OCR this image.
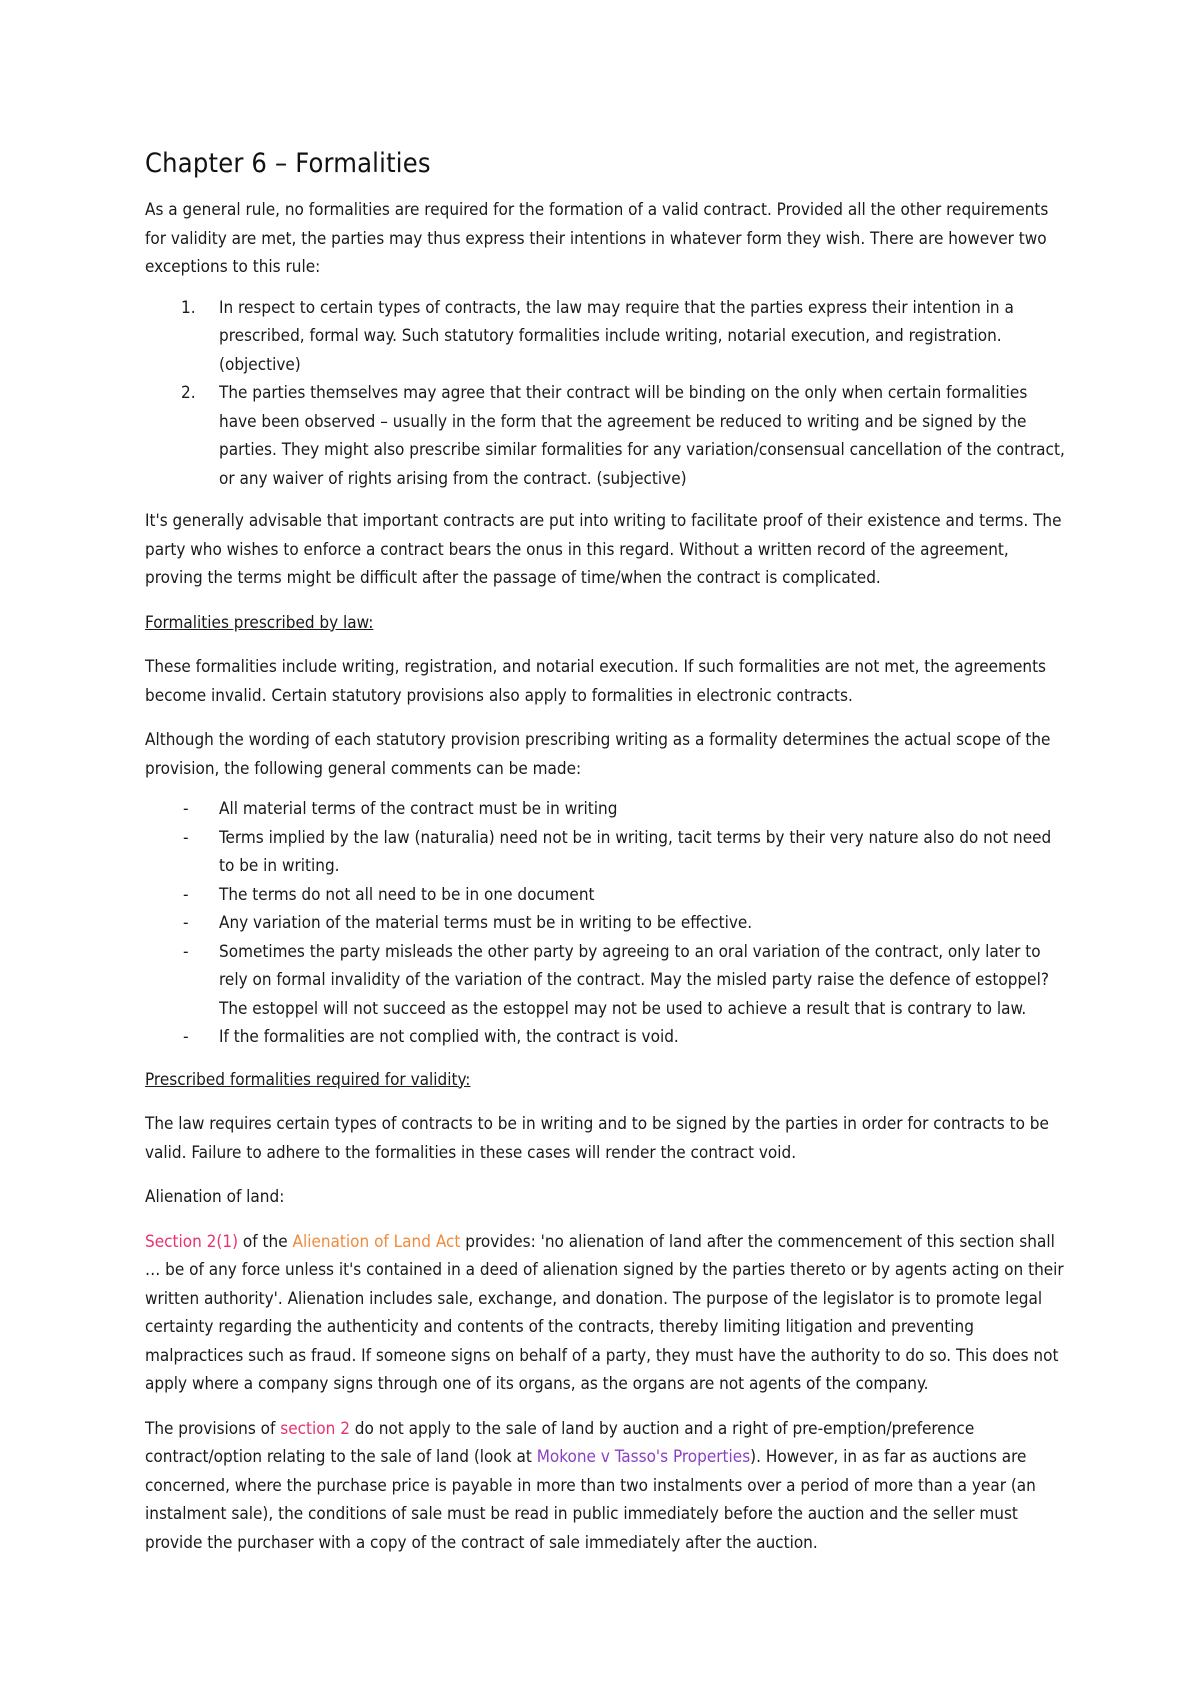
Chapter 6 – Formalities

As a general rule, no formalities are required for the formation of a valid contract. Provided all the other requirements for validity are met, the parties may thus express their intentions in whatever form they wish. There are however two exceptions to this rule:

1. In respect to certain types of contracts, the law may require that the parties express their intention in a prescribed, formal way. Such statutory formalities include writing, notarial execution, and registration. (objective)
2. The parties themselves may agree that their contract will be binding on the only when certain formalities have been observed – usually in the form that the agreement be reduced to writing and be signed by the parties. They might also prescribe similar formalities for any variation/consensual cancellation of the contract, or any waiver of rights arising from the contract. (subjective)

It's generally advisable that important contracts are put into writing to facilitate proof of their existence and terms. The party who wishes to enforce a contract bears the onus in this regard. Without a written record of the agreement, proving the terms might be difficult after the passage of time/when the contract is complicated.

Formalities prescribed by law:

These formalities include writing, registration, and notarial execution. If such formalities are not met, the agreements become invalid. Certain statutory provisions also apply to formalities in electronic contracts.

Although the wording of each statutory provision prescribing writing as a formality determines the actual scope of the provision, the following general comments can be made:

- All material terms of the contract must be in writing
- Terms implied by the law (naturalia) need not be in writing, tacit terms by their very nature also do not need to be in writing.
- The terms do not all need to be in one document
- Any variation of the material terms must be in writing to be effective.
- Sometimes the party misleads the other party by agreeing to an oral variation of the contract, only later to rely on formal invalidity of the variation of the contract. May the misled party raise the defence of estoppel? The estoppel will not succeed as the estoppel may not be used to achieve a result that is contrary to law.
- If the formalities are not complied with, the contract is void.

Prescribed formalities required for validity:

The law requires certain types of contracts to be in writing and to be signed by the parties in order for contracts to be valid. Failure to adhere to the formalities in these cases will render the contract void.

Alienation of land:

Section 2(1) of the Alienation of Land Act provides: 'no alienation of land after the commencement of this section shall … be of any force unless it's contained in a deed of alienation signed by the parties thereto or by agents acting on their written authority'. Alienation includes sale, exchange, and donation. The purpose of the legislator is to promote legal certainty regarding the authenticity and contents of the contracts, thereby limiting litigation and preventing malpractices such as fraud. If someone signs on behalf of a party, they must have the authority to do so. This does not apply where a company signs through one of its organs, as the organs are not agents of the company.

The provisions of section 2 do not apply to the sale of land by auction and a right of pre-emption/preference contract/option relating to the sale of land (look at Mokone v Tasso's Properties). However, in as far as auctions are concerned, where the purchase price is payable in more than two instalments over a period of more than a year (an instalment sale), the conditions of sale must be read in public immediately before the auction and the seller must provide the purchaser with a copy of the contract of sale immediately after the auction.
